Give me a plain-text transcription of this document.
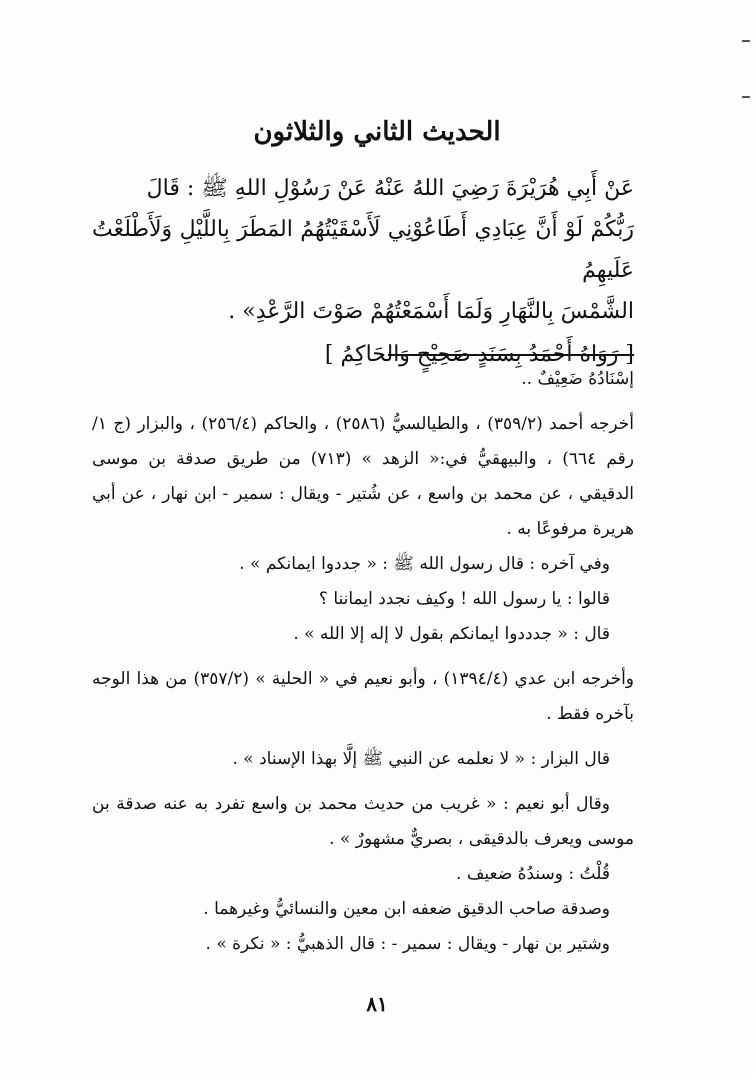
الحديث الثاني والثلاثون

عَنْ أَبِي هُرَيْرَةَ رَضِيَ اللهُ عَنْهُ عَنْ رَسُوْلِ اللهِ ﷺ : قَالَ

رَبُّكُمْ لَوْ أَنَّ عِبَادِي أَطَاعُوْنِي لَأَسْقَيْتُهُمُ المَطَرَ بِاللَّيْلِ وَلَأَطْلَعْتُ عَلَيهِمُ

الشَّمْسَ بِالنَّهَارِ وَلَمَا أَسْمَعْتُهُمْ صَوْتَ الرَّعْدِ» .

[ رَوَاهُ أَحْمَدُ بِسَنَدٍ صَحِيْحٍ وَالحَاكِمُ ]

إسْنَادُهُ ضَعِيْفٌ ..

أخرجه أحمد (٣٥٩/٢) ، والطيالسيُّ (٢٥٨٦) ، والحاكم (٢٥٦/٤) ، والبزار (ج ١/ رقم ٦٦٤) ، والبيهقيُّ في:« الزهد » (٧١٣) من طريق صدقة بن موسى الدقيقي ، عن محمد بن واسع ، عن شُتير - ويقال : سمير - ابن نهار ، عن أبي هريرة مرفوعًا به .

وفي آخره : قال رسول الله ﷺ : « جددوا ايمانكم » .

قالوا : يا رسول الله ! وكيف نجدد ايماننا ؟

قال : « جدددوا ايمانكم بقول لا إله إلا الله » .

وأخرجه ابن عدي (١٣٩٤/٤) ، وأبو نعيم في « الحلية » (٣٥٧/٢) من هذا الوجه بآخره فقط .

قال البزار : « لا نعلمه عن النبي ﷺ إلَّا بهذا الإسناد » .

وقال أبو نعيم : « غريب من حديث محمد بن واسع تفرد به عنه صدقة بن موسى ويعرف بالدقيقى ، بصريٌّ مشهورٌ » .

قُلْتُ : وسندُهُ ضعيف .

وصدقة صاحب الدقيق ضعفه ابن معين والنسائيُّ وغيرهما .

وشتير بن نهار - ويقال : سمير - : قال الذهبيُّ : « نكرة » .

٨١
